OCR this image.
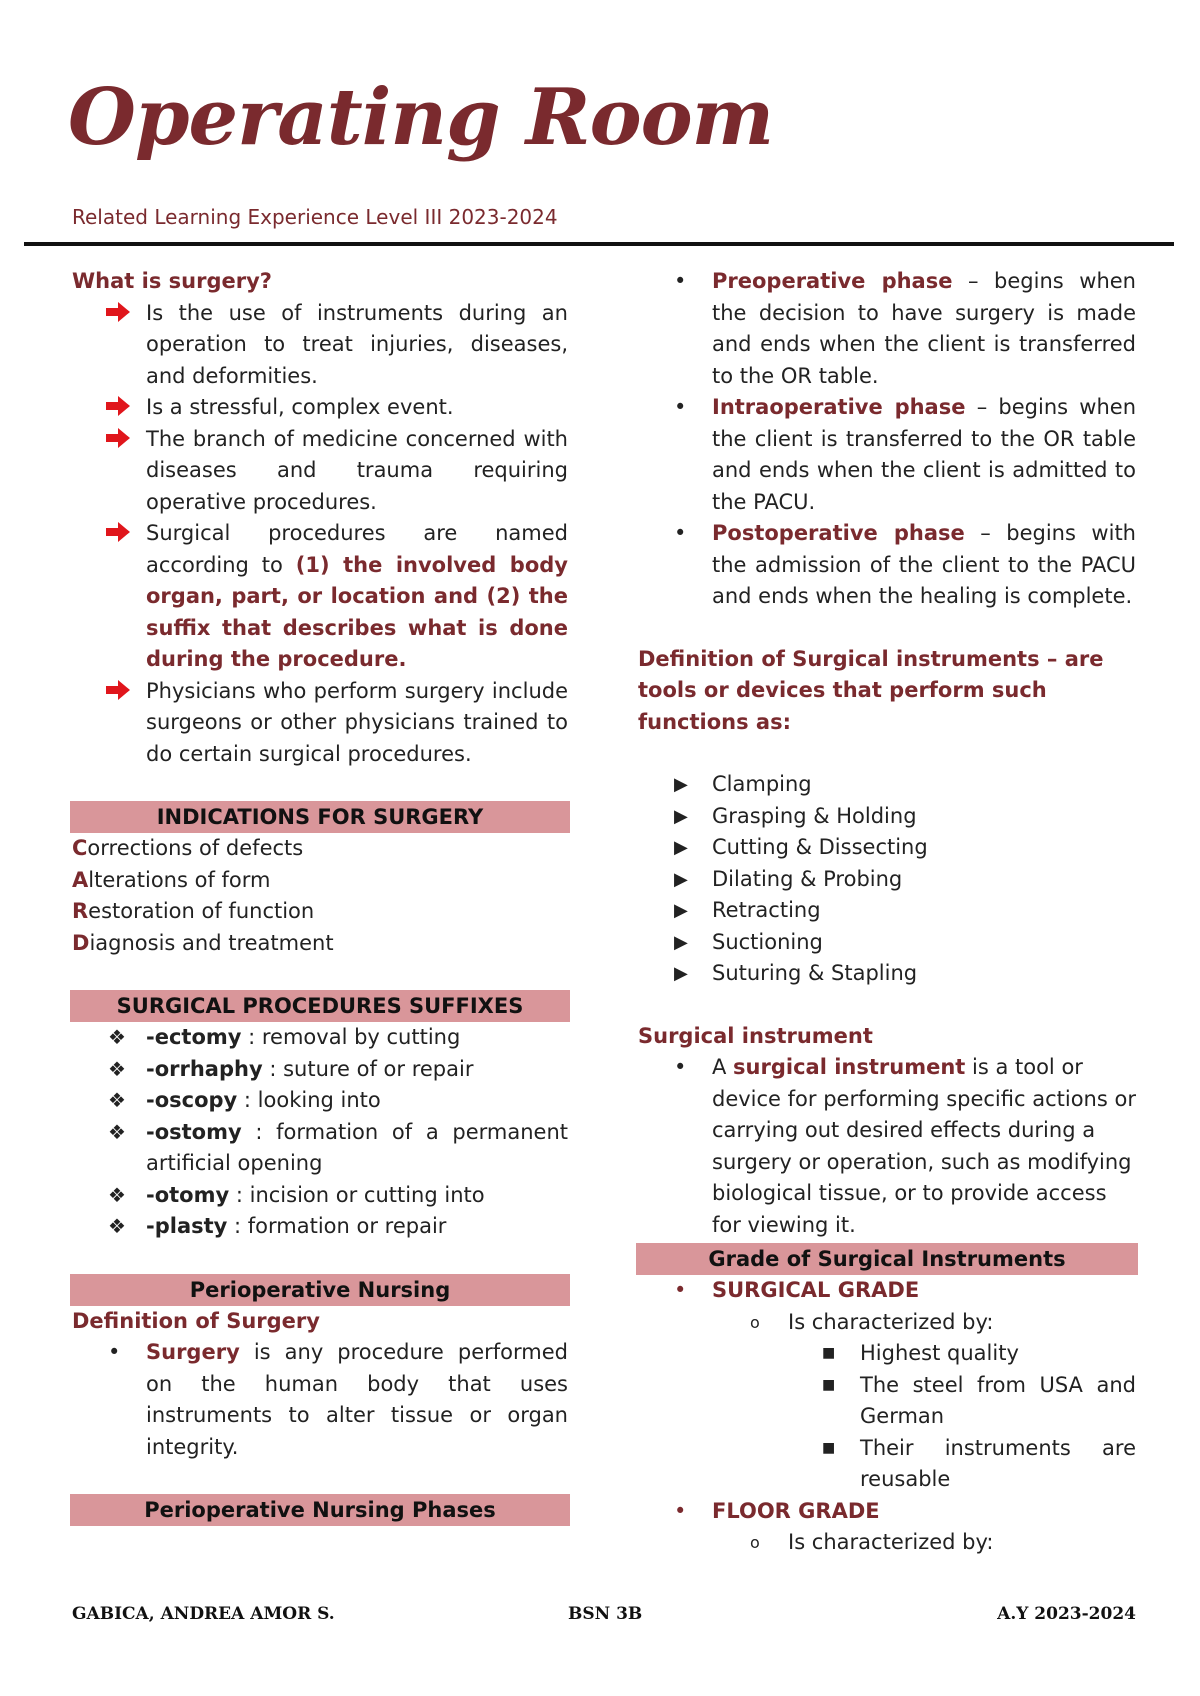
Operating Room

Related Learning Experience Level III 2023-2024

What is surgery?

Is the use of instruments during an operation to treat injuries, diseases, and deformities.
Is a stressful, complex event.
The branch of medicine concerned with diseases and trauma requiring operative procedures.
Surgical procedures are named according to (1) the involved body organ, part, or location and (2) the suffix that describes what is done during the procedure.
Physicians who perform surgery include surgeons or other physicians trained to do certain surgical procedures.
INDICATIONS FOR SURGERY

Corrections of defects

Alterations of form

Restoration of function

Diagnosis and treatment

SURGICAL PROCEDURES SUFFIXES
❖ -ectomy : removal by cutting
❖ -orrhaphy : suture of or repair
❖ -oscopy : looking into
❖ -ostomy : formation of a permanent artificial opening
❖ -otomy : incision or cutting into
❖ -plasty : formation or repair
Perioperative Nursing

Definition of Surgery

• Surgery is any procedure performed on the human body that uses instruments to alter tissue or organ integrity.
Perioperative Nursing Phases
• Preoperative phase – begins when the decision to have surgery is made and ends when the client is transferred to the OR table.
• Intraoperative phase – begins when the client is transferred to the OR table and ends when the client is admitted to the PACU.
• Postoperative phase – begins with the admission of the client to the PACU and ends when the healing is complete.

Definition of Surgical instruments – are tools or devices that perform such functions as:

▶ Clamping
▶ Grasping & Holding
▶ Cutting & Dissecting
▶ Dilating & Probing
▶ Retracting
▶ Suctioning
▶ Suturing & Stapling

Surgical instrument

• A surgical instrument is a tool or device for performing specific actions or carrying out desired effects during a surgery or operation, such as modifying biological tissue, or to provide access for viewing it.
Grade of Surgical Instruments
• SURGICAL GRADE
o Is characterized by:
■ Highest quality
■ The steel from USA and German
■ Their instruments are reusable
• FLOOR GRADE
o Is characterized by:
GABICA, ANDREA AMOR S.	BSN 3B	A.Y 2023-2024
